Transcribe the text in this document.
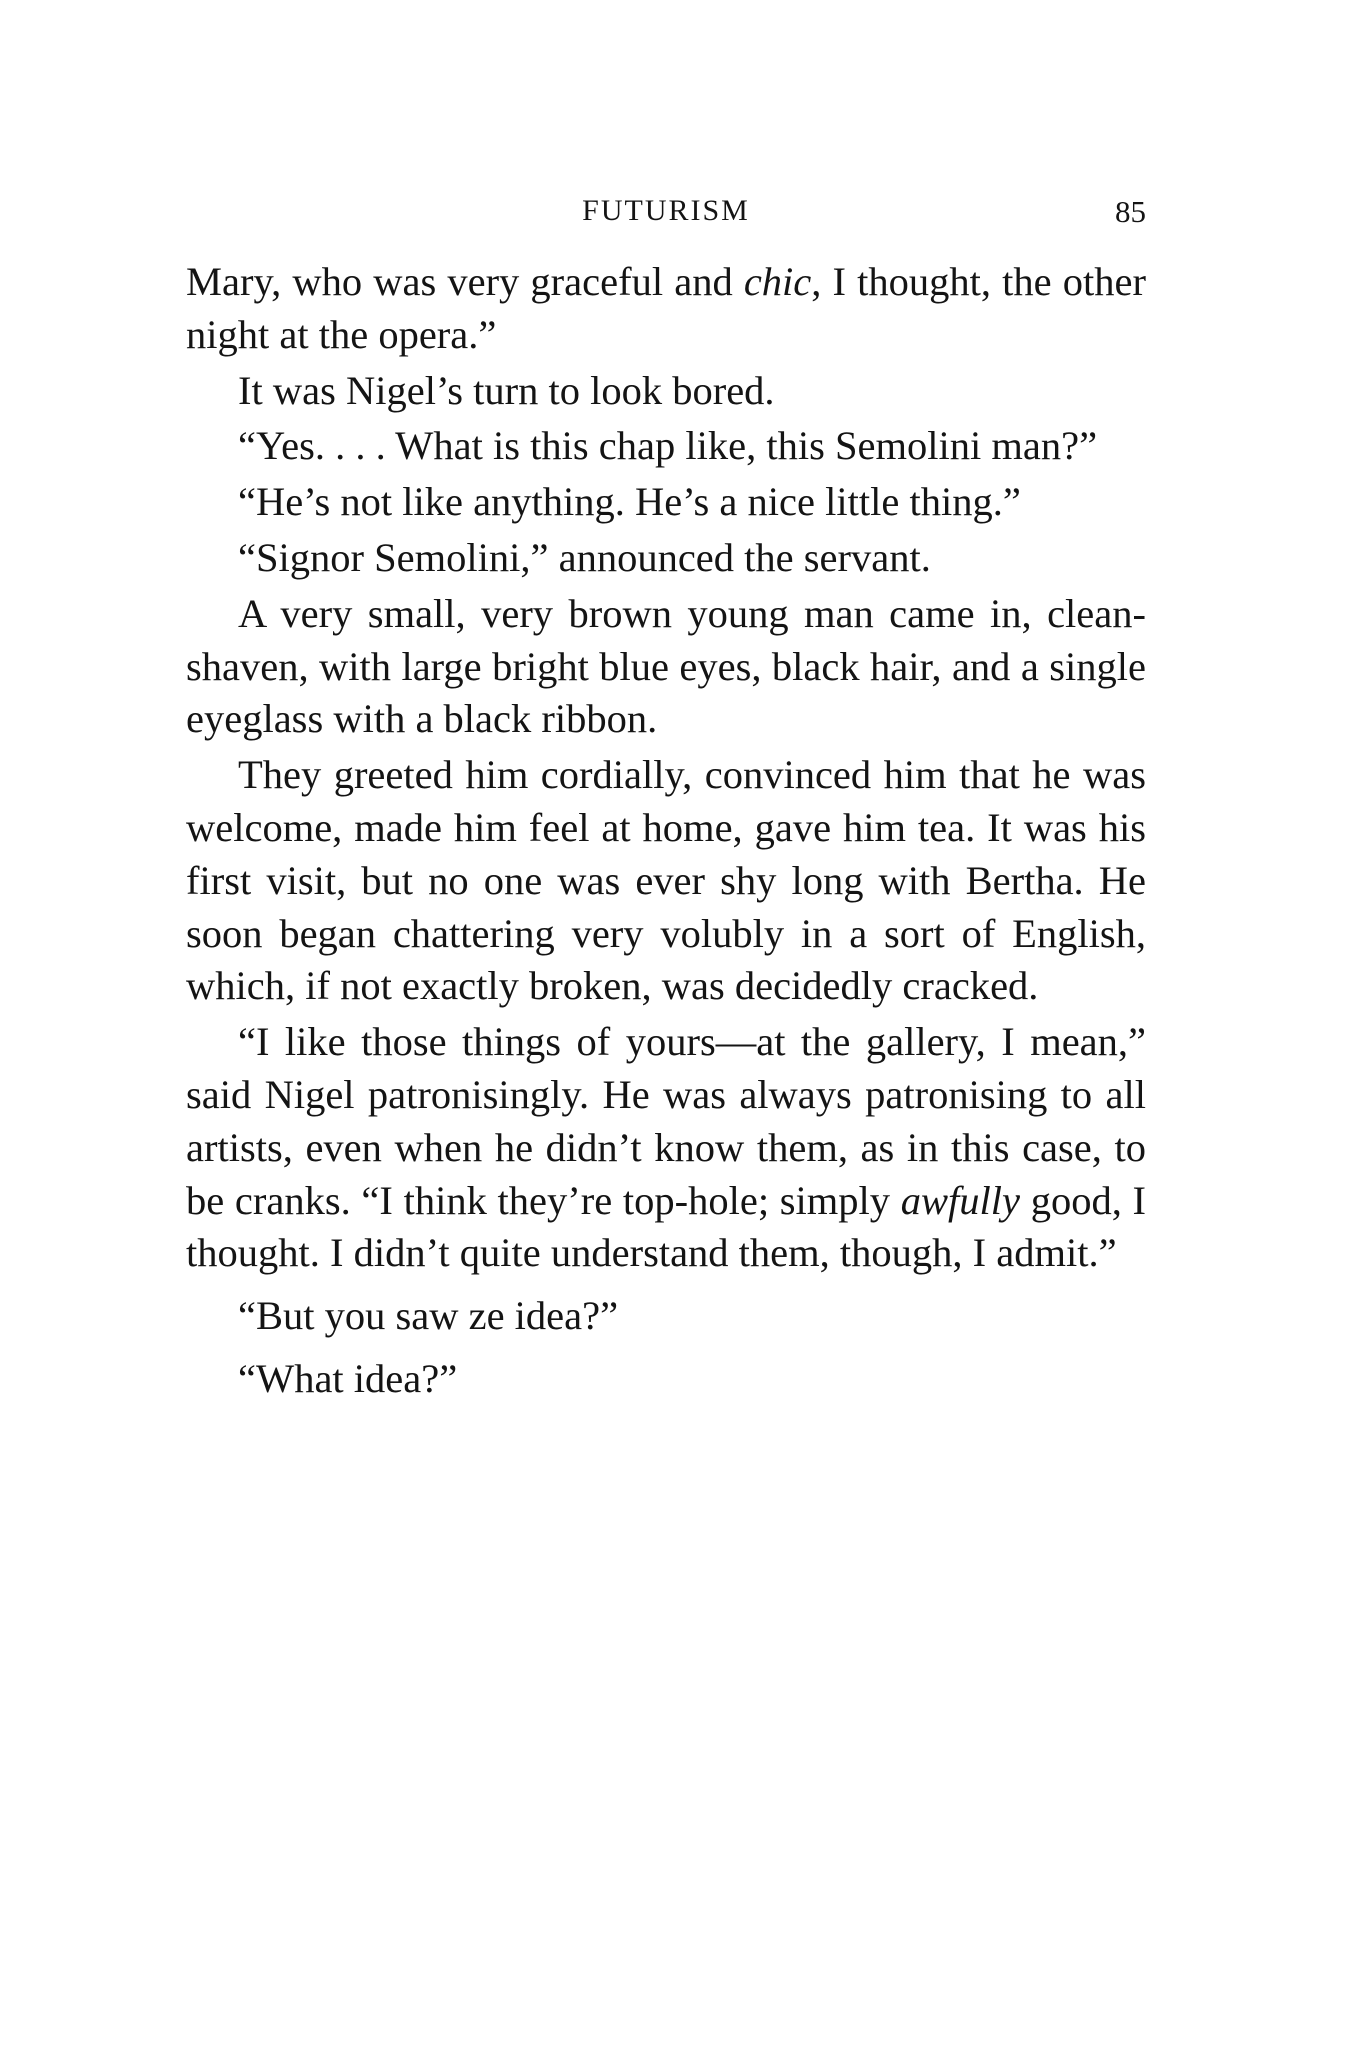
FUTURISM	85

Mary, who was very graceful and chic, I thought, the other night at the opera.”

It was Nigel’s turn to look bored.

“Yes. . . . What is this chap like, this Semolini man?”

“He’s not like anything. He’s a nice little thing.”

“Signor Semolini,” announced the servant.

A very small, very brown young man came in, clean-shaven, with large bright blue eyes, black hair, and a single eyeglass with a black ribbon.

They greeted him cordially, convinced him that he was welcome, made him feel at home, gave him tea. It was his first visit, but no one was ever shy long with Bertha. He soon began chattering very volubly in a sort of English, which, if not exactly broken, was decidedly cracked.

“I like those things of yours—at the gallery, I mean,” said Nigel patronisingly. He was always patronising to all artists, even when he didn’t know them, as in this case, to be cranks. “I think they’re top-hole; simply awfully good, I thought. I didn’t quite understand them, though, I admit.”

“But you saw ze idea?”

“What idea?”
